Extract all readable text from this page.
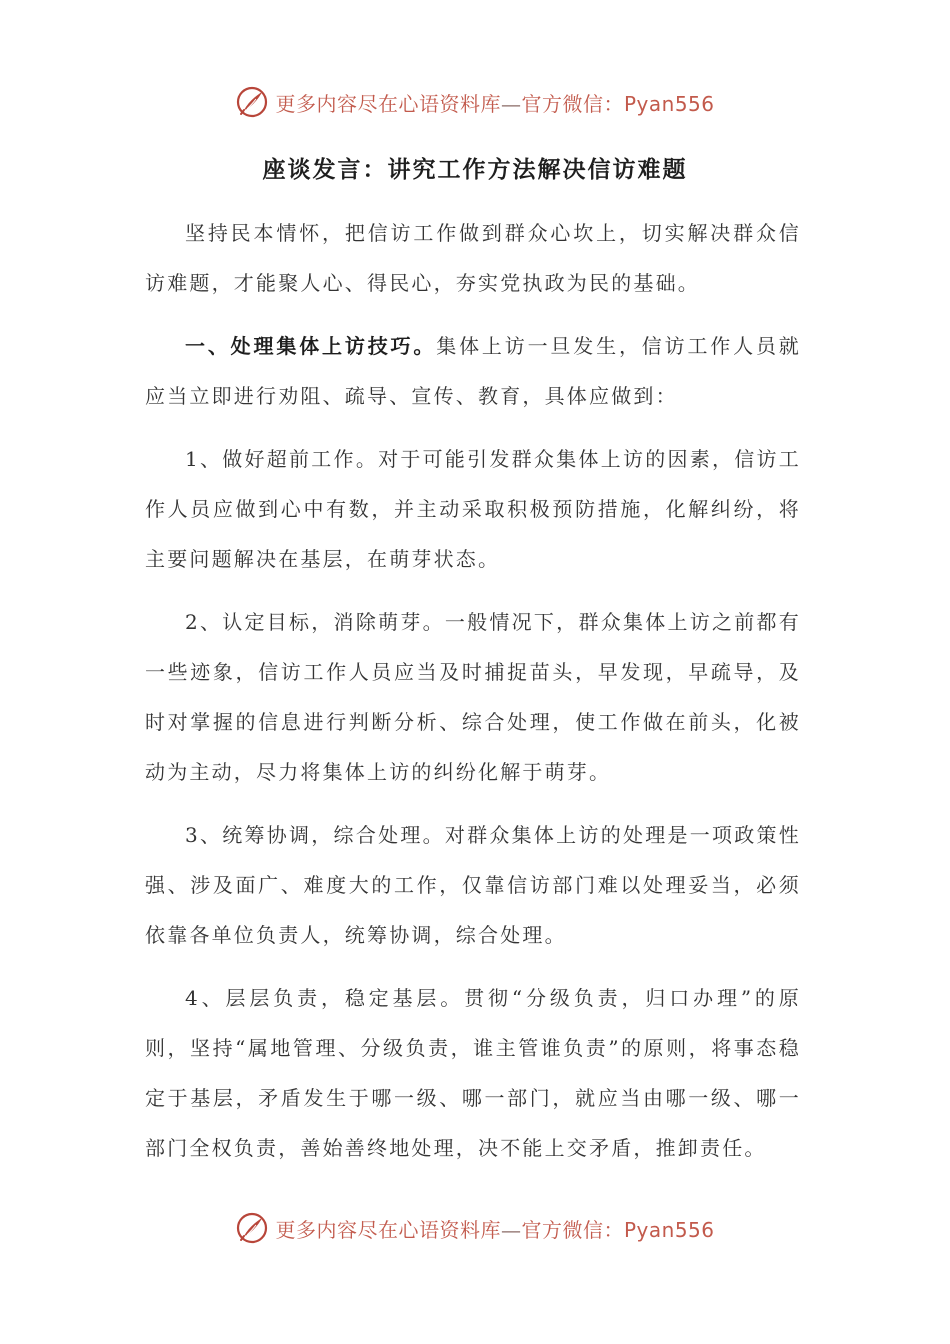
更多内容尽在心语资料库—官方微信：Pyan556
座谈发言：讲究工作方法解决信访难题

坚持民本情怀，把信访工作做到群众心坎上，切实解决群众信访难题，才能聚人心、得民心，夯实党执政为民的基础。

一、处理集体上访技巧。集体上访一旦发生，信访工作人员就应当立即进行劝阻、疏导、宣传、教育，具体应做到：

1、做好超前工作。对于可能引发群众集体上访的因素，信访工作人员应做到心中有数，并主动采取积极预防措施，化解纠纷，将主要问题解决在基层，在萌芽状态。

2、认定目标，消除萌芽。一般情况下，群众集体上访之前都有一些迹象，信访工作人员应当及时捕捉苗头，早发现，早疏导，及时对掌握的信息进行判断分析、综合处理，使工作做在前头，化被动为主动，尽力将集体上访的纠纷化解于萌芽。

3、统筹协调，综合处理。对群众集体上访的处理是一项政策性强、涉及面广、难度大的工作，仅靠信访部门难以处理妥当，必须依靠各单位负责人，统筹协调，综合处理。

4、层层负责，稳定基层。贯彻“分级负责，归口办理”的原则，坚持“属地管理、分级负责，谁主管谁负责”的原则，将事态稳定于基层，矛盾发生于哪一级、哪一部门，就应当由哪一级、哪一部门全权负责，善始善终地处理，决不能上交矛盾，推卸责任。

更多内容尽在心语资料库—官方微信：Pyan556
